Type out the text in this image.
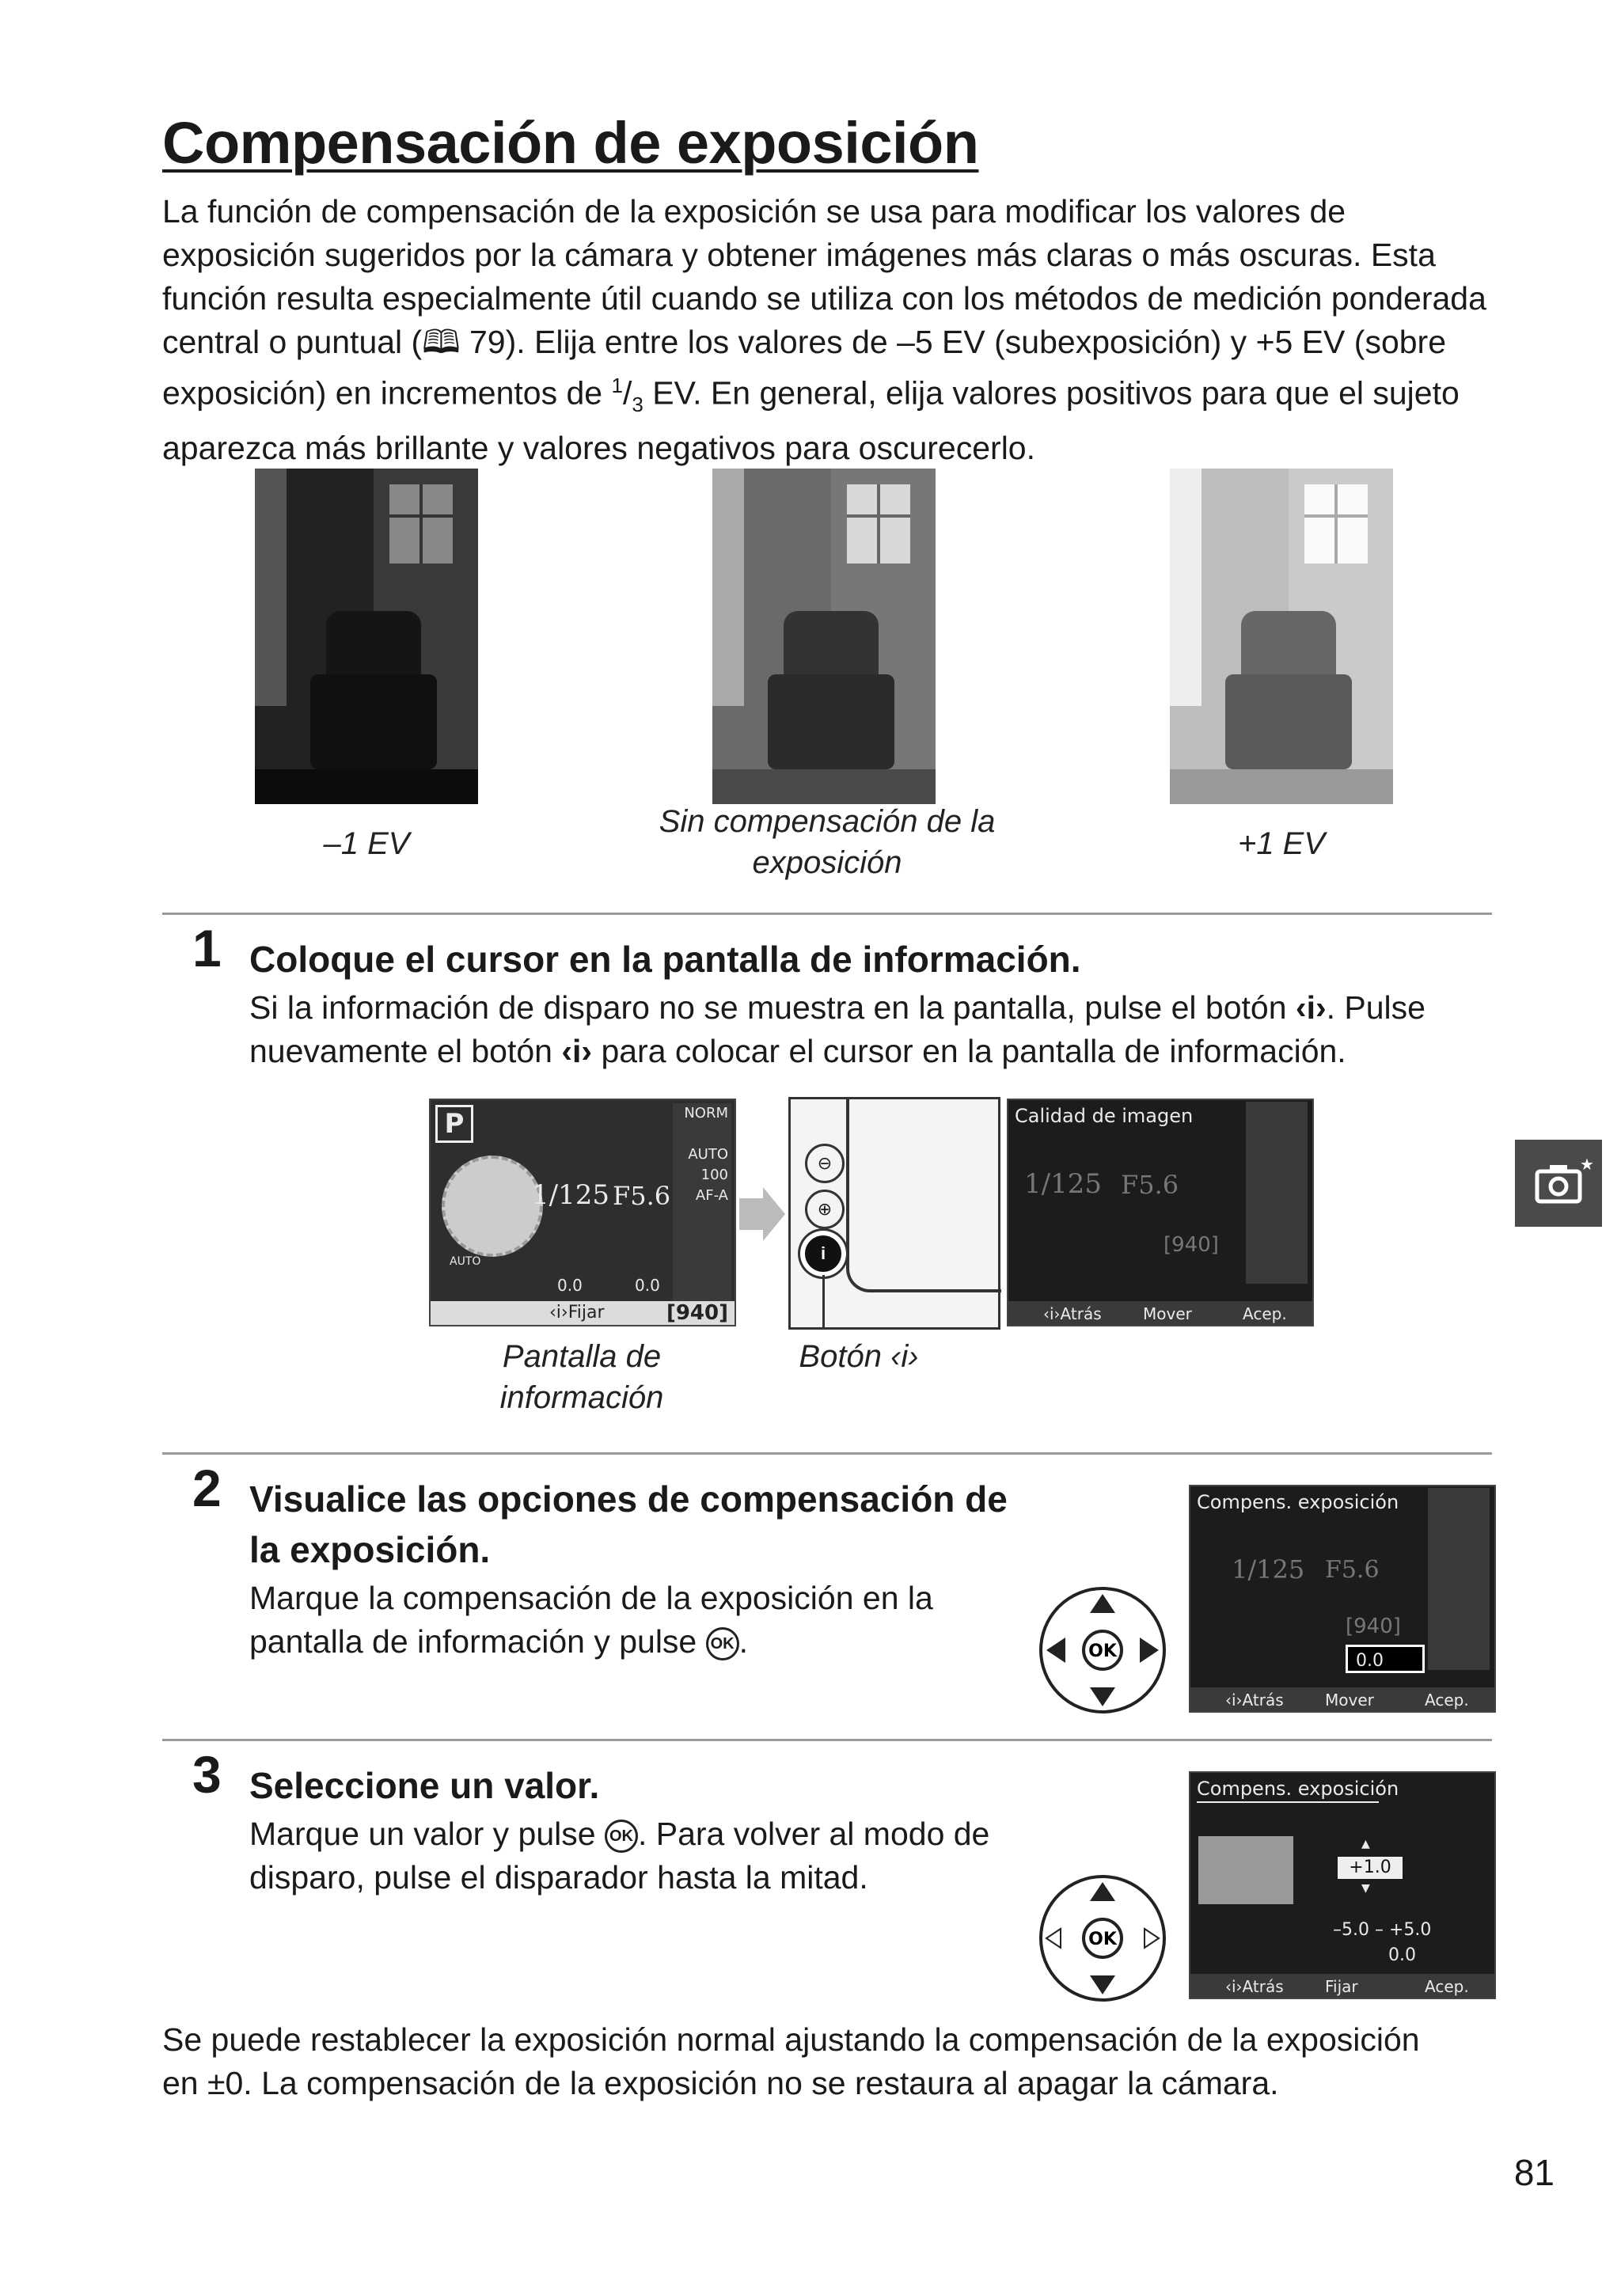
Compensación de exposición

La función de compensación de la exposición se usa para modificar los valores de exposición sugeridos por la cámara y obtener imágenes más claras o más oscuras. Esta función resulta especialmente útil cuando se utiliza con los métodos de medición ponderada central o puntual (🕮 79). Elija entre los valores de –5 EV (subexposición) y +5 EV (sobre exposición) en incrementos de $^1/_3$ EV. En general, elija valores positivos para que el sujeto aparezca más brillante y valores negativos para oscurecerlo.

–1 EV
Sin compensación de la
exposición
+1 EV
1 Coloque el cursor en la pantalla de información.
Si la información de disparo no se muestra en la pantalla, pulse el botón ‹i›. Pulse nuevamente el botón ‹i› para colocar el cursor en la pantalla de información.
P
1/125 F5.6
NORM

AUTO
100
AF-A
AUTO
0.0	0.0
‹i›Fijar	[940]
⊖
⊕
i
Calidad de imagen
1/125 F5.6
[940]
‹i›Atrás	Mover	Acep.
Pantalla de
información
Botón ‹i›
2 Visualice las opciones de compensación de
la exposición.
Marque la compensación de la exposición en la
pantalla de información y pulse OK .	OK
Compens. exposición
1/125 F5.6
[940]
0.0
‹i›Atrás	Mover	Acep.
3 Seleccione un valor.
Marque un valor y pulse OK . Para volver al modo de
disparo, pulse el disparador hasta la mitad.
OK
Compens. exposición
+1.0
▲
▼
–5.0 – +5.0
0.0
‹i›Atrás	Fijar	Acep.
Se puede restablecer la exposición normal ajustando la compensación de la exposición
en ±0. La compensación de la exposición no se restaura al apagar la cámara.
★
81
